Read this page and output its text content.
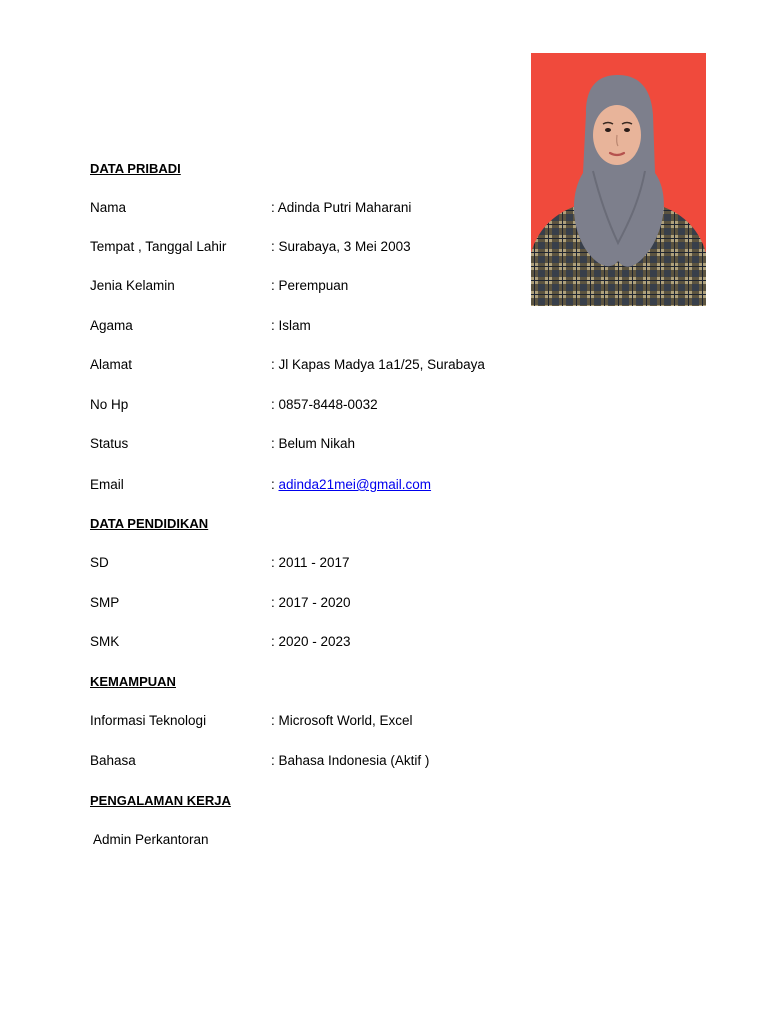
DATA PRIBADI
Nama	: Adinda Putri Maharani
Tempat , Tanggal Lahir	: Surabaya, 3 Mei 2003
Jenia Kelamin	: Perempuan
Agama	: Islam
Alamat	: Jl Kapas Madya 1a1/25, Surabaya
No Hp	: 0857-8448-0032
Status	: Belum Nikah
Email	: adinda21mei@gmail.com
DATA PENDIDIKAN
SD	: 2011 - 2017
SMP	: 2017 - 2020
SMK	: 2020 - 2023
KEMAMPUAN
Informasi Teknologi	: Microsoft World, Excel
Bahasa	: Bahasa Indonesia (Aktif )
PENGALAMAN KERJA
Admin Perkantoran
